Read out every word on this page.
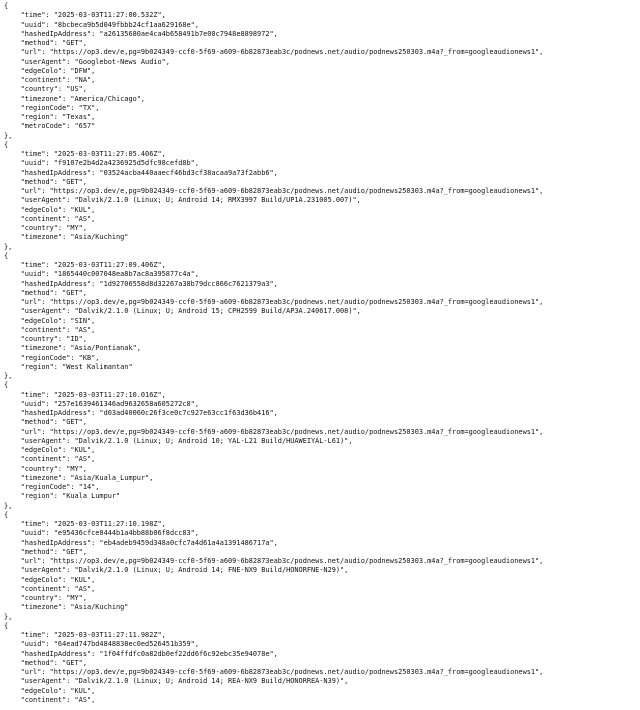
{
"time": "2025-03-03T11:27:00.532Z",
"uuid": "8bcbeca9b5d049fbbb24cf1aa629168e",
"hashedIpAddress": "a26135680ae4ca4b658491b7e00c7948e8898972",
"method": "GET",
"url": "https://op3.dev/e,pg=9b024349-ccf0-5f69-a609-6b82873eab3c/podnews.net/audio/podnews250303.m4a?_from=googleaudionews1",
"userAgent": "Googlebot-News Audio",
"edgeColo": "DFW",
"continent": "NA",
"country": "US",
"timezone": "America/Chicago",
"regionCode": "TX",
"region": "Texas",
"metroCode": "657"
},
{
"time": "2025-03-03T11:27:05.406Z",
"uuid": "f9107e2b4d2a4236925d5dfc98cefd8b",
"hashedIpAddress": "03524acba440aaecf46bd3cf38acaa9a73f2abb6",
"method": "GET",
"url": "https://op3.dev/e,pg=9b024349-ccf0-5f69-a609-6b82873eab3c/podnews.net/audio/podnews250303.m4a?_from=googleaudionews1",
"userAgent": "Dalvik/2.1.0 (Linux; U; Android 14; RMX3997 Build/UP1A.231005.007)",
"edgeColo": "KUL",
"continent": "AS",
"country": "MY",
"timezone": "Asia/Kuching"
},
{
"time": "2025-03-03T11:27:09.406Z",
"uuid": "1865440c007048ea8b7ac8a395877c4a",
"hashedIpAddress": "1d92706558d8d32267a38b79dcc866c7621379a3",
"method": "GET",
"url": "https://op3.dev/e,pg=9b024349-ccf0-5f69-a609-6b82873eab3c/podnews.net/audio/podnews250303.m4a?_from=googleaudionews1",
"userAgent": "Dalvik/2.1.0 (Linux; U; Android 15; CPH2599 Build/AP3A.240617.008)",
"edgeColo": "SIN",
"continent": "AS",
"country": "ID",
"timezone": "Asia/Pontianak",
"regionCode": "KB",
"region": "West Kalimantan"
},
{
"time": "2025-03-03T11:27:10.016Z",
"uuid": "257e1639461346ad9632658a605272c8",
"hashedIpAddress": "d03ad40060c26f3ce0c7c927e63cc1f63d36b416",
"method": "GET",
"url": "https://op3.dev/e,pg=9b024349-ccf0-5f69-a609-6b82873eab3c/podnews.net/audio/podnews250303.m4a?_from=googleaudionews1",
"userAgent": "Dalvik/2.1.0 (Linux; U; Android 10; YAL-L21 Build/HUAWEIYAL-L61)",
"edgeColo": "KUL",
"continent": "AS",
"country": "MY",
"timezone": "Asia/Kuala_Lumpur",
"regionCode": "14",
"region": "Kuala Lumpur"
},
{
"time": "2025-03-03T11:27:10.198Z",
"uuid": "e95436cfce0444b1a4bb88b06f8dcc83",
"hashedIpAddress": "eb4adeb9459d348a0cfc7a4d61a4a1391486717a",
"method": "GET",
"url": "https://op3.dev/e,pg=9b024349-ccf0-5f69-a609-6b82873eab3c/podnews.net/audio/podnews250303.m4a?_from=googleaudionews1",
"userAgent": "Dalvik/2.1.0 (Linux; U; Android 14; FNE-NX9 Build/HONORFNE-N29)",
"edgeColo": "KUL",
"continent": "AS",
"country": "MY",
"timezone": "Asia/Kuching"
},
{
"time": "2025-03-03T11:27:11.982Z",
"uuid": "64ead747bd4848838ec0ed526451b359",
"hashedIpAddress": "1f04ffdfc0a82db0ef22dd6f6c92ebc35e94078e",
"method": "GET",
"url": "https://op3.dev/e,pg=9b024349-ccf0-5f69-a609-6b82873eab3c/podnews.net/audio/podnews250303.m4a?_from=googleaudionews1",
"userAgent": "Dalvik/2.1.0 (Linux; U; Android 14; REA-NX9 Build/HONORREA-N39)",
"edgeColo": "KUL",
"continent": "AS",
